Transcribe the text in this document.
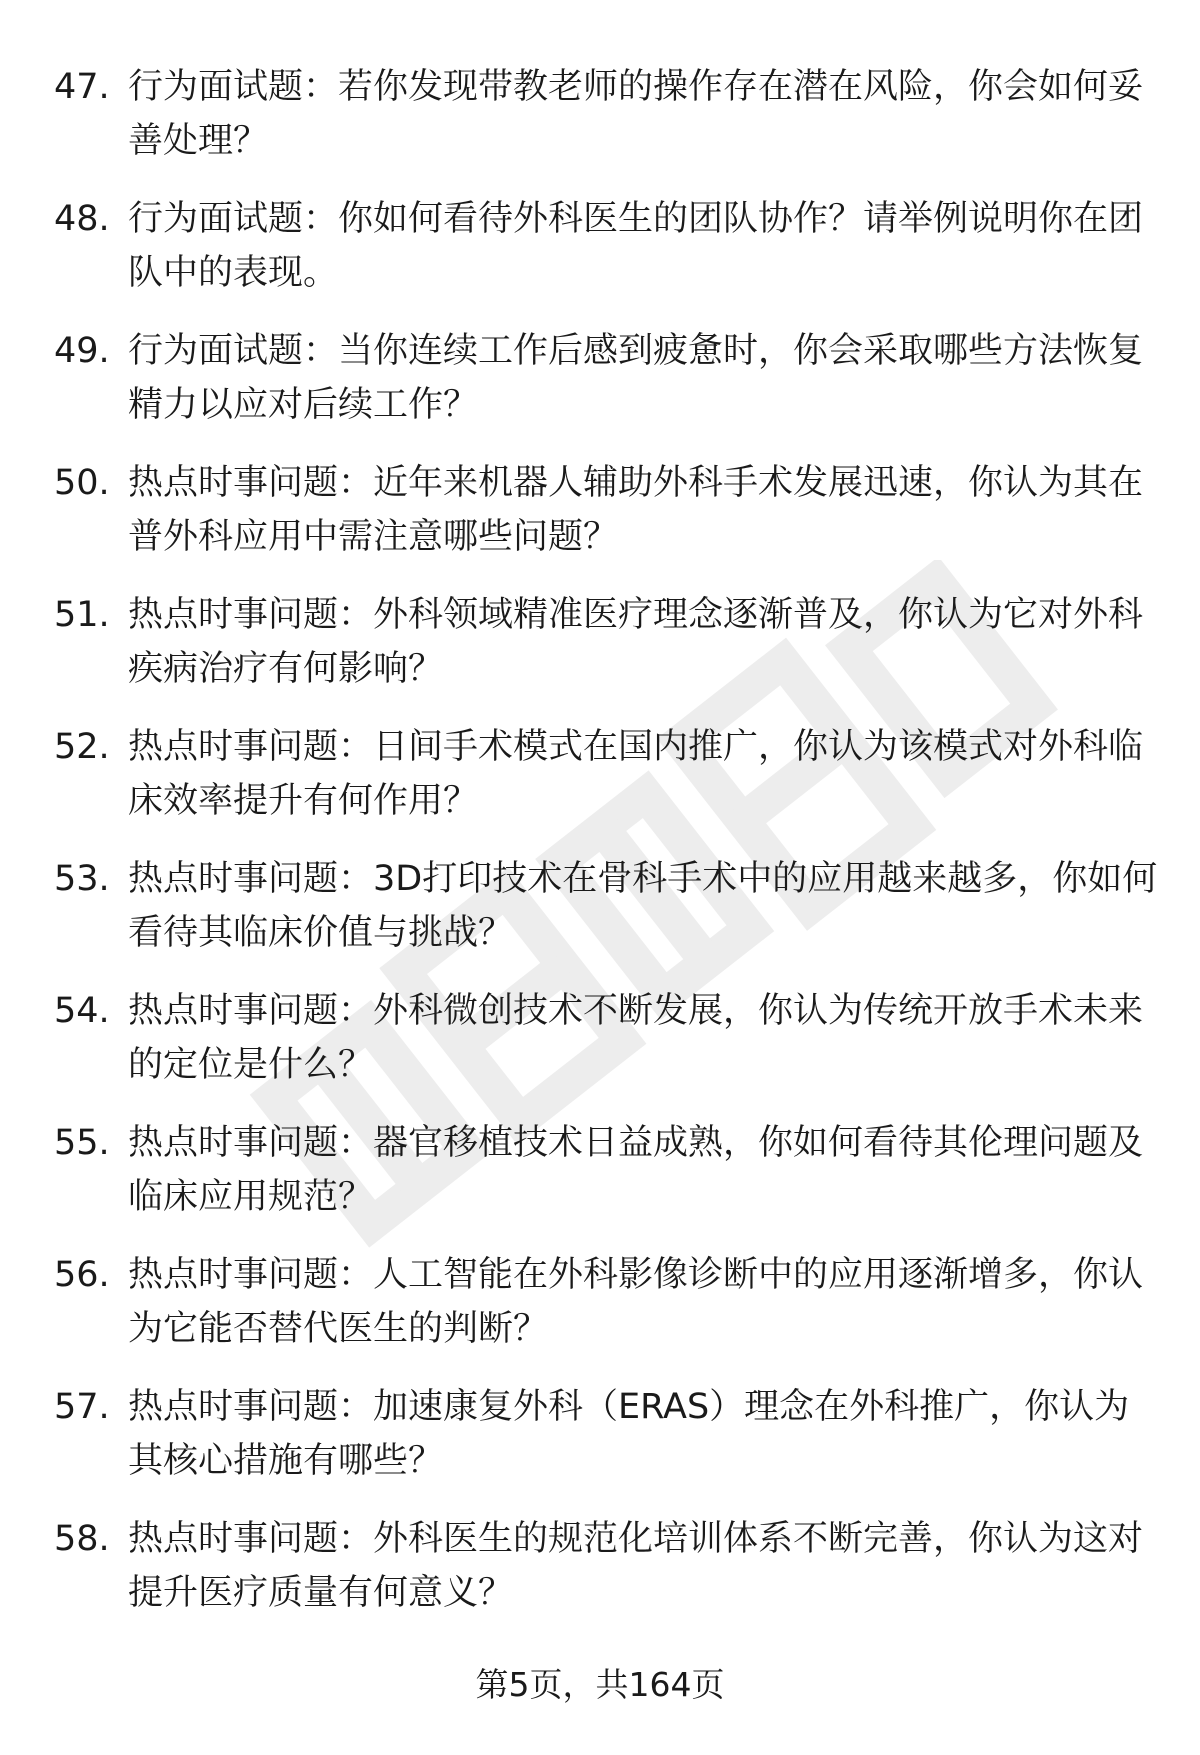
47. 行为面试题：若你发现带教老师的操作存在潜在风险，你会如何妥善处理？
48. 行为面试题：你如何看待外科医生的团队协作？请举例说明你在团队中的表现。
49. 行为面试题：当你连续工作后感到疲惫时，你会采取哪些方法恢复精力以应对后续工作？
50. 热点时事问题：近年来机器人辅助外科手术发展迅速，你认为其在普外科应用中需注意哪些问题？
51. 热点时事问题：外科领域精准医疗理念逐渐普及，你认为它对外科疾病治疗有何影响？
52. 热点时事问题：日间手术模式在国内推广，你认为该模式对外科临床效率提升有何作用？
53. 热点时事问题：3D打印技术在骨科手术中的应用越来越多，你如何看待其临床价值与挑战？
54. 热点时事问题：外科微创技术不断发展，你认为传统开放手术未来的定位是什么？
55. 热点时事问题：器官移植技术日益成熟，你如何看待其伦理问题及临床应用规范？
56. 热点时事问题：人工智能在外科影像诊断中的应用逐渐增多，你认为它能否替代医生的判断？
57. 热点时事问题：加速康复外科（ERAS）理念在外科推广，你认为其核心措施有哪些？
58. 热点时事问题：外科医生的规范化培训体系不断完善，你认为这对提升医疗质量有何意义？
第5页，共164页
